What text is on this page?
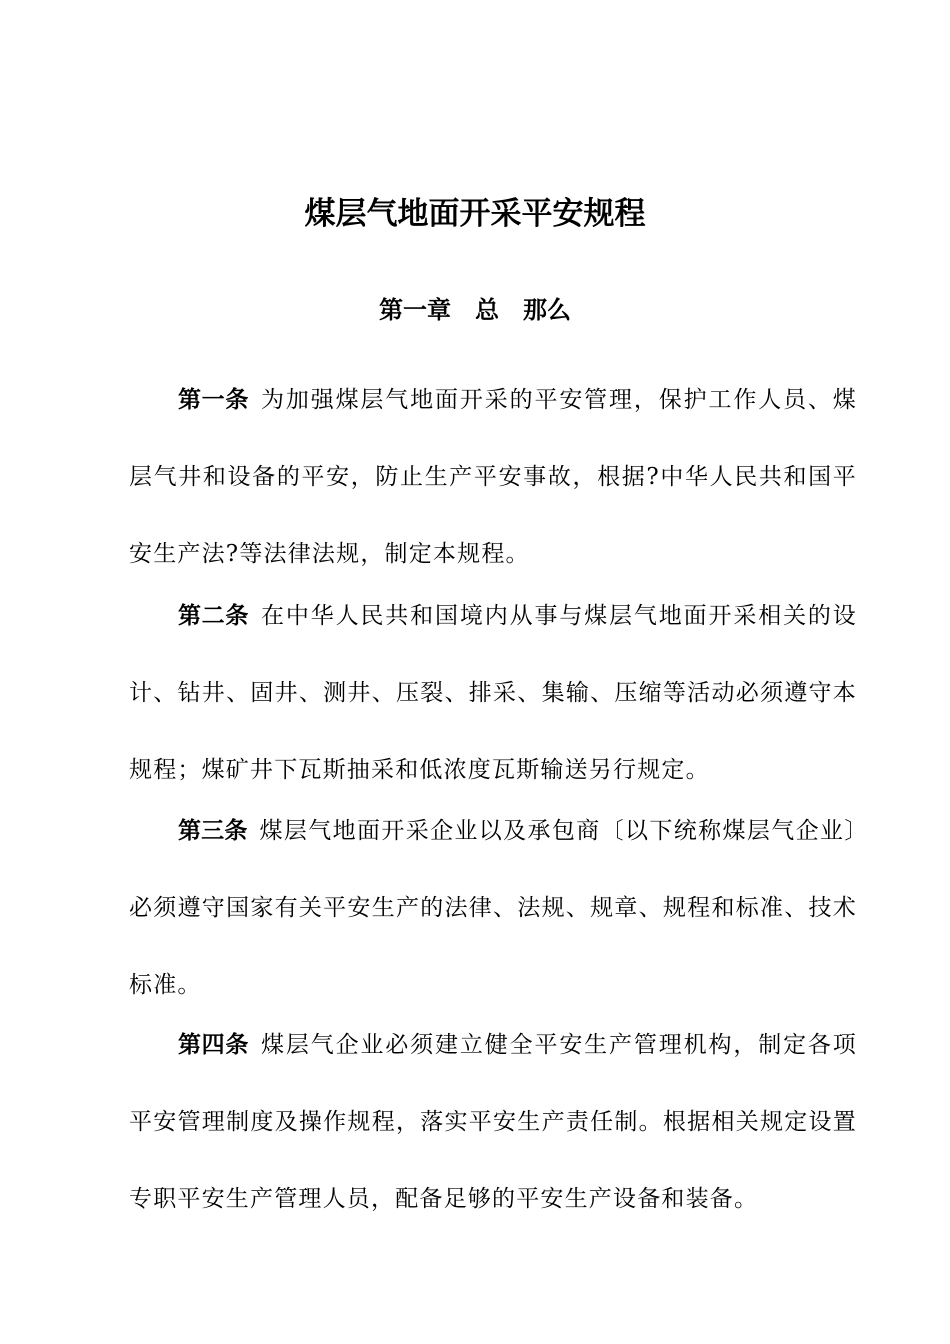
煤层气地面开采平安规程
第一章　总　那么

第一条 为加强煤层气地面开采的平安管理，保护工作人员、煤层气井和设备的平安，防止生产平安事故，根据?中华人民共和国平安生产法?等法律法规，制定本规程。

第二条 在中华人民共和国境内从事与煤层气地面开采相关的设计、钻井、固井、测井、压裂、排采、集输、压缩等活动必须遵守本规程；煤矿井下瓦斯抽采和低浓度瓦斯输送另行规定。

第三条 煤层气地面开采企业以及承包商〔以下统称煤层气企业〕必须遵守国家有关平安生产的法律、法规、规章、规程和标准、技术标准。

第四条 煤层气企业必须建立健全平安生产管理机构，制定各项平安管理制度及操作规程，落实平安生产责任制。根据相关规定设置专职平安生产管理人员，配备足够的平安生产设备和装备。
